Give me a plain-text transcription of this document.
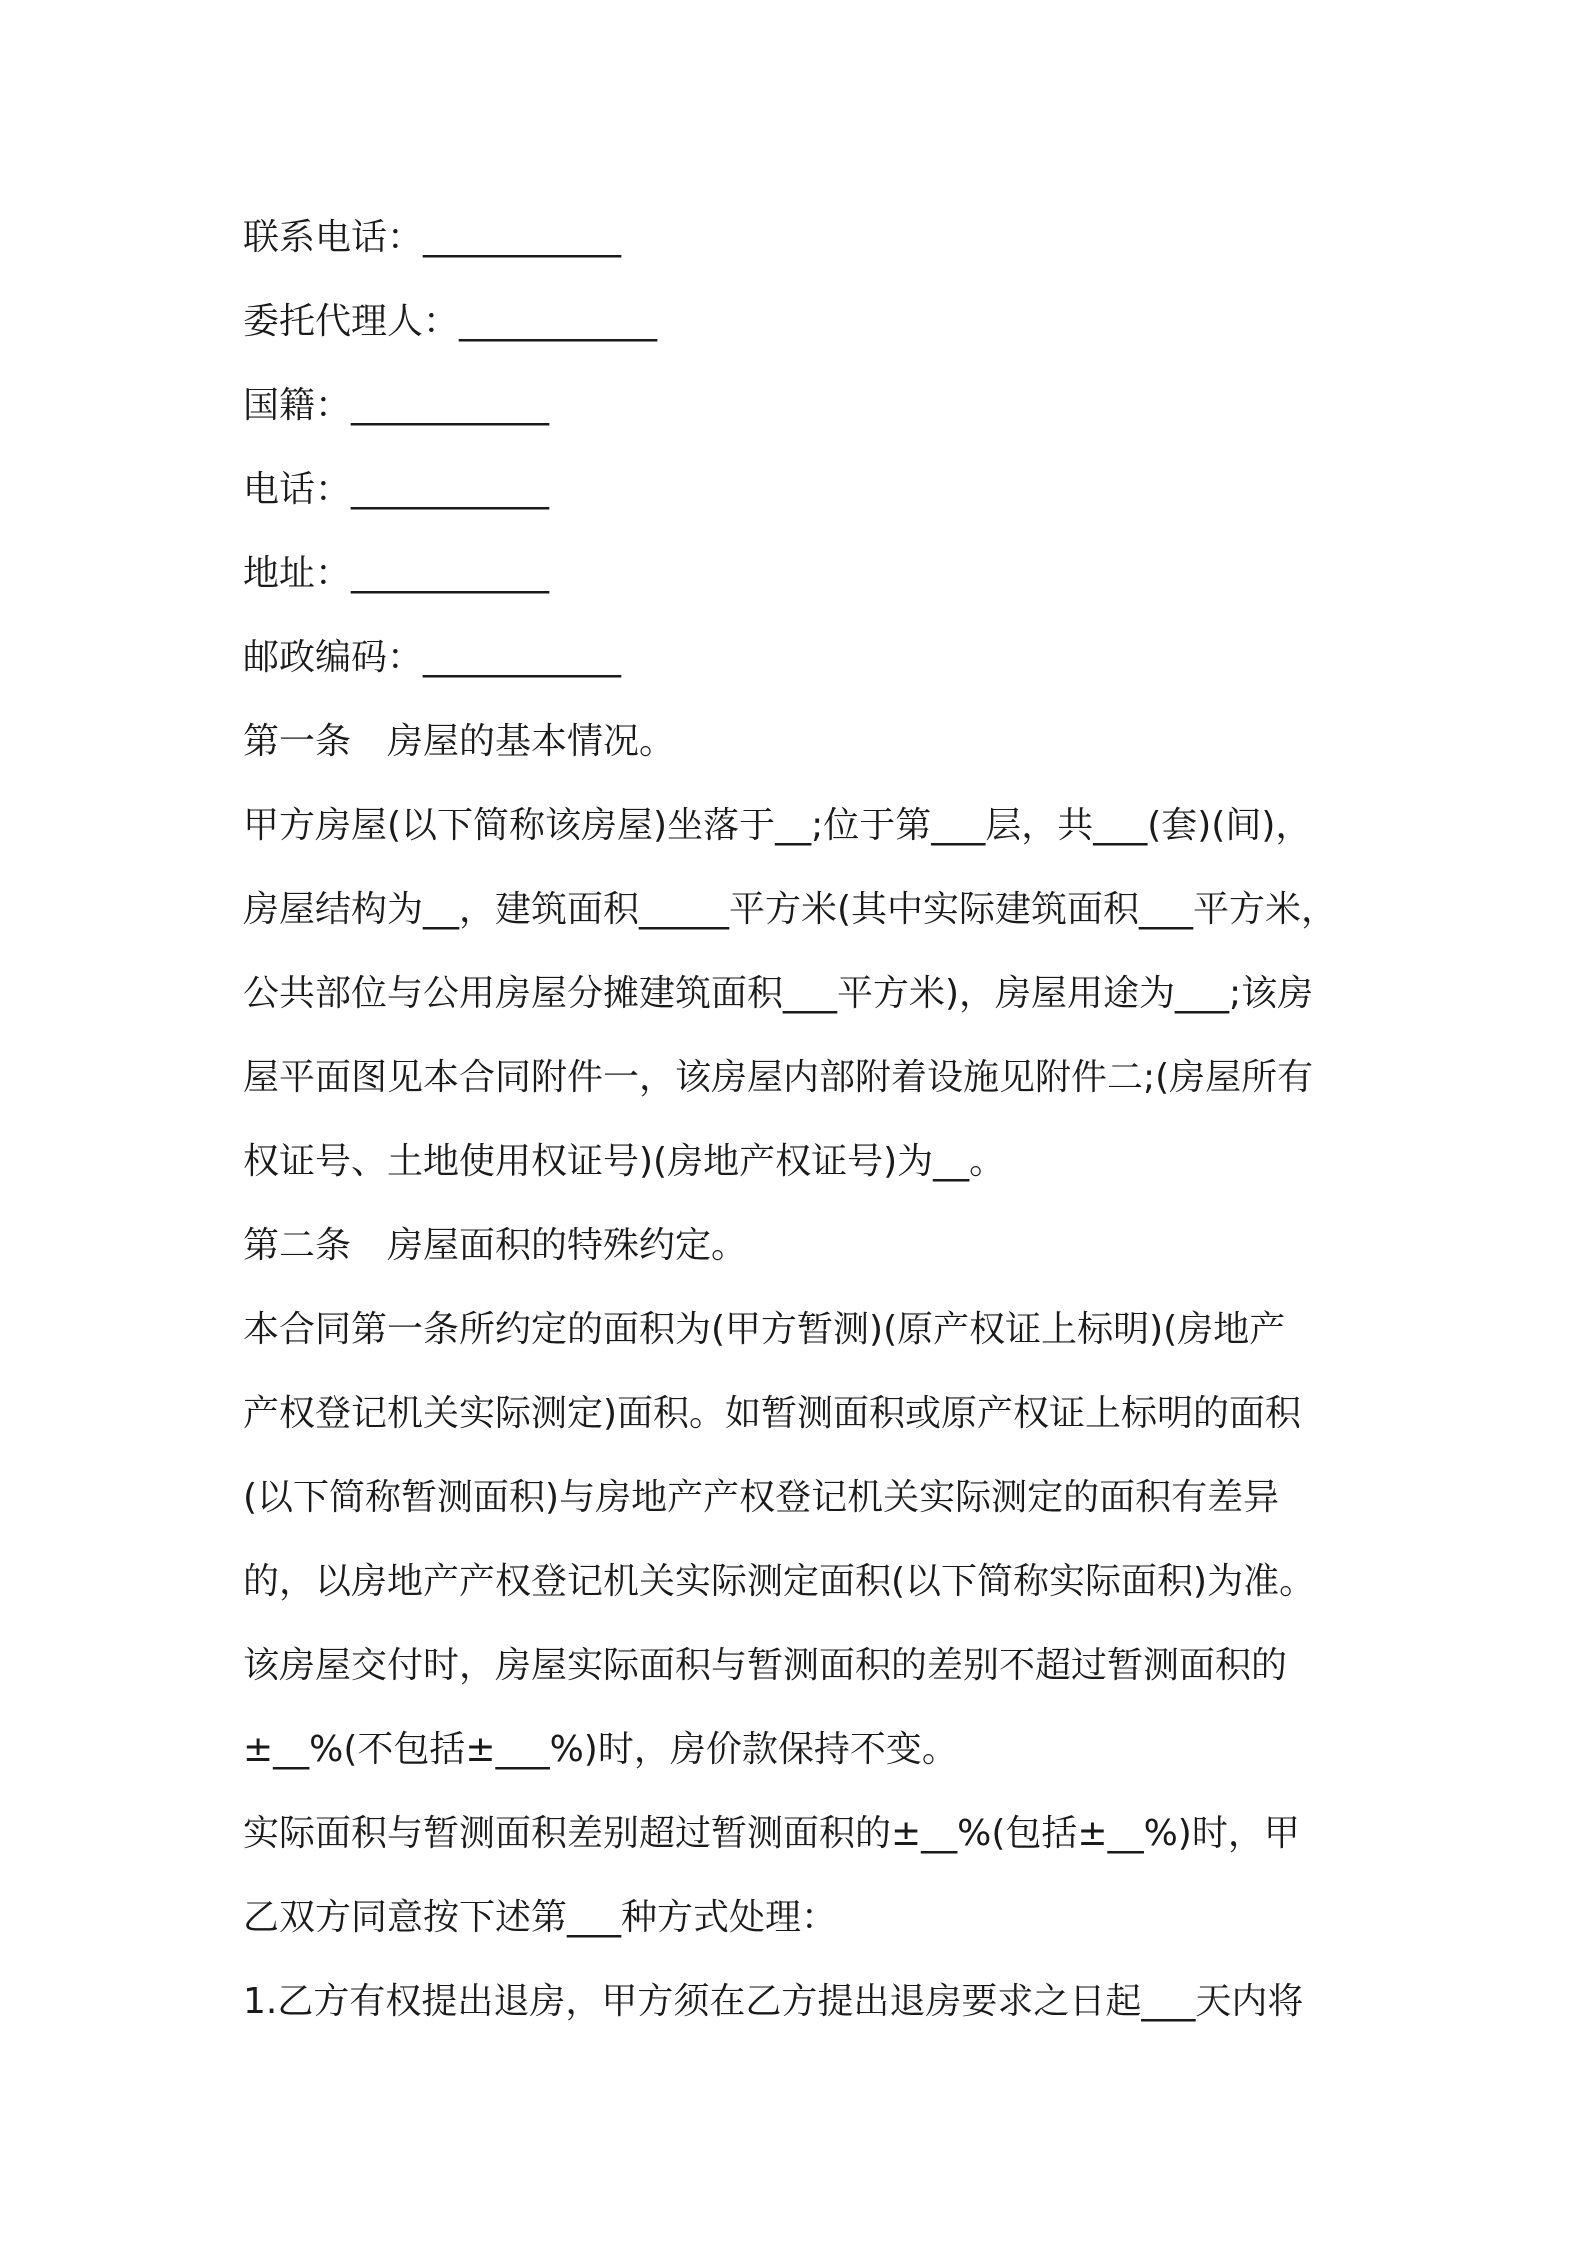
联系电话：___________
委托代理人：___________
国籍：___________
电话：___________
地址：___________
邮政编码：___________
第一条　房屋的基本情况。
甲方房屋(以下简称该房屋)坐落于__;位于第___层，共___(套)(间)，
房屋结构为__，建筑面积_____平方米(其中实际建筑面积___平方米，
公共部位与公用房屋分摊建筑面积___平方米)，房屋用途为___;该房
屋平面图见本合同附件一，该房屋内部附着设施见附件二;(房屋所有
权证号、土地使用权证号)(房地产权证号)为__。
第二条　房屋面积的特殊约定。
本合同第一条所约定的面积为(甲方暂测)(原产权证上标明)(房地产
产权登记机关实际测定)面积。如暂测面积或原产权证上标明的面积
(以下简称暂测面积)与房地产产权登记机关实际测定的面积有差异
的，以房地产产权登记机关实际测定面积(以下简称实际面积)为准。
该房屋交付时，房屋实际面积与暂测面积的差别不超过暂测面积的
±__%(不包括±___%)时，房价款保持不变。
实际面积与暂测面积差别超过暂测面积的±__%(包括±__%)时，甲
乙双方同意按下述第___种方式处理：
1.乙方有权提出退房，甲方须在乙方提出退房要求之日起___天内将
